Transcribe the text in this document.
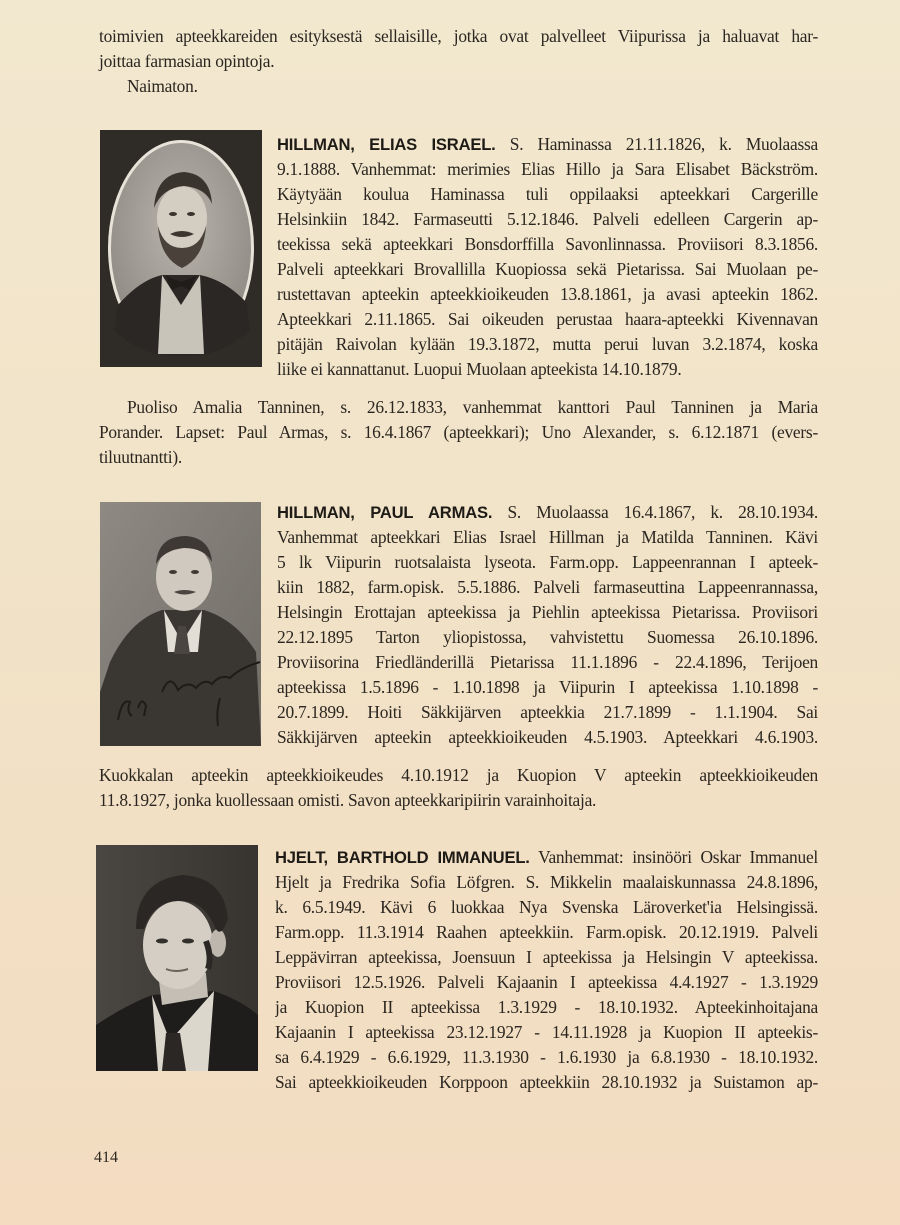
toimivien apteekkareiden esityksestä sellaisille, jotka ovat palvelleet Viipurissa ja haluavat har-
joittaa farmasian opintoja.
Naimaton.
HILLMAN, ELIAS ISRAEL. S. Haminassa 21.11.1826, k. Muolaassa
9.1.1888. Vanhemmat: merimies Elias Hillo ja Sara Elisabet Bäckström.
Käytyään koulua Haminassa tuli oppilaaksi apteekkari Cargerille
Helsinkiin 1842. Farmaseutti 5.12.1846. Palveli edelleen Cargerin ap-
teekissa sekä apteekkari Bonsdorffilla Savonlinnassa. Proviisori 8.3.1856.
Palveli apteekkari Brovallilla Kuopiossa sekä Pietarissa. Sai Muolaan pe-
rustettavan apteekin apteekkioikeuden 13.8.1861, ja avasi apteekin 1862.
Apteekkari 2.11.1865. Sai oikeuden perustaa haara-apteekki Kivennavan
pitäjän Raivolan kylään 19.3.1872, mutta perui luvan 3.2.1874, koska
liike ei kannattanut. Luopui Muolaan apteekista 14.10.1879.
Puoliso Amalia Tanninen, s. 26.12.1833, vanhemmat kanttori Paul Tanninen ja Maria
Porander. Lapset: Paul Armas, s. 16.4.1867 (apteekkari); Uno Alexander, s. 6.12.1871 (evers-
tiluutnantti).
HILLMAN, PAUL ARMAS. S. Muolaassa 16.4.1867, k. 28.10.1934.
Vanhemmat apteekkari Elias Israel Hillman ja Matilda Tanninen. Kävi
5 lk Viipurin ruotsalaista lyseota. Farm.opp. Lappeenrannan I apteek-
kiin 1882, farm.opisk. 5.5.1886. Palveli farmaseuttina Lappeenrannassa,
Helsingin Erottajan apteekissa ja Piehlin apteekissa Pietarissa. Proviisori
22.12.1895 Tarton yliopistossa, vahvistettu Suomessa 26.10.1896.
Proviisorina Friedländerillä Pietarissa 11.1.1896 - 22.4.1896, Terijoen
apteekissa 1.5.1896 - 1.10.1898 ja Viipurin I apteekissa 1.10.1898 -
20.7.1899. Hoiti Säkkijärven apteekkia 21.7.1899 - 1.1.1904. Sai
Säkkijärven apteekin apteekkioikeuden 4.5.1903. Apteekkari 4.6.1903.
Kuokkalan apteekin apteekkioikeudes 4.10.1912 ja Kuopion V apteekin apteekkioikeuden
11.8.1927, jonka kuollessaan omisti. Savon apteekkaripiirin varainhoitaja.
HJELT, BARTHOLD IMMANUEL. Vanhemmat: insinööri Oskar Immanuel
Hjelt ja Fredrika Sofia Löfgren. S. Mikkelin maalaiskunnassa 24.8.1896,
k. 6.5.1949. Kävi 6 luokkaa Nya Svenska Läroverket'ia Helsingissä.
Farm.opp. 11.3.1914 Raahen apteekkiin. Farm.opisk. 20.12.1919. Palveli
Leppävirran apteekissa, Joensuun I apteekissa ja Helsingin V apteekissa.
Proviisori 12.5.1926. Palveli Kajaanin I apteekissa 4.4.1927 - 1.3.1929
ja Kuopion II apteekissa 1.3.1929 - 18.10.1932. Apteekinhoitajana
Kajaanin I apteekissa 23.12.1927 - 14.11.1928 ja Kuopion II apteekis-
sa 6.4.1929 - 6.6.1929, 11.3.1930 - 1.6.1930 ja 6.8.1930 - 18.10.1932.
Sai apteekkioikeuden Korppoon apteekkiin 28.10.1932 ja Suistamon ap-
414
